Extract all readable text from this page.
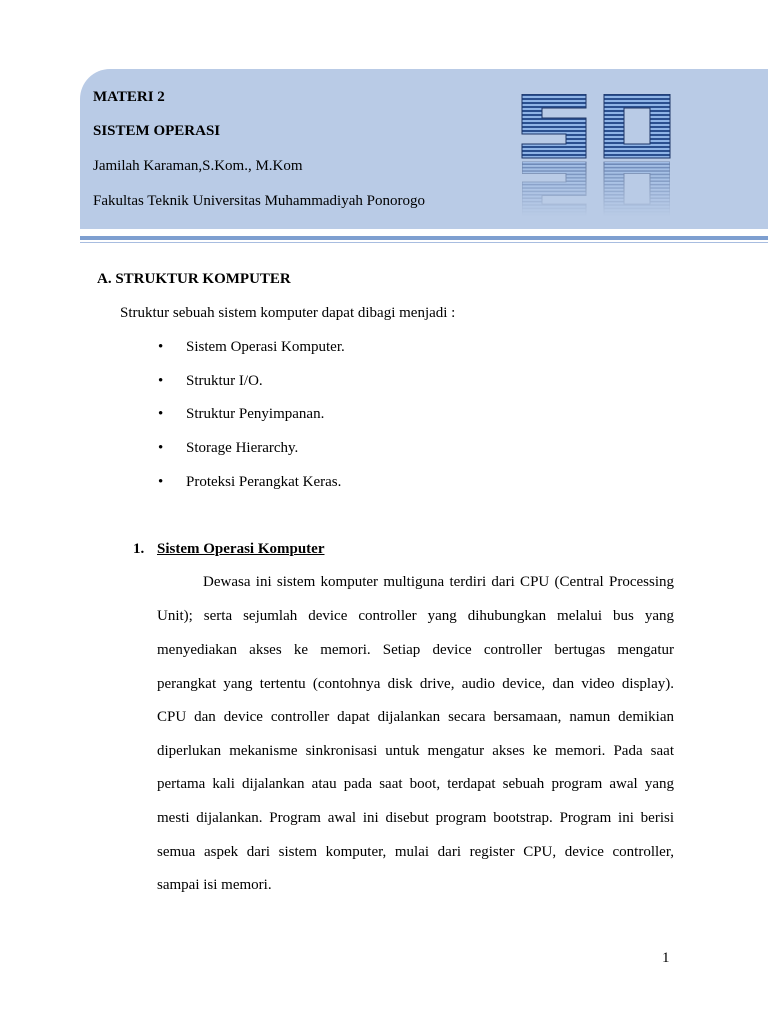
MATERI 2
SISTEM OPERASI
Jamilah Karaman,S.Kom., M.Kom
Fakultas Teknik Universitas Muhammadiyah Ponorogo
A. STRUKTUR KOMPUTER
Struktur sebuah sistem komputer dapat dibagi menjadi :
• Sistem Operasi Komputer.
• Struktur I/O.
• Struktur Penyimpanan.
• Storage Hierarchy.
• Proteksi Perangkat Keras.
1. Sistem Operasi Komputer
Dewasa ini sistem komputer multiguna terdiri dari CPU (Central Processing
Unit); serta sejumlah device controller yang dihubungkan melalui bus yang
menyediakan akses ke memori. Setiap device controller bertugas mengatur
perangkat yang tertentu (contohnya disk drive, audio device, dan video display).
CPU dan device controller dapat dijalankan secara bersamaan, namun demikian
diperlukan mekanisme sinkronisasi untuk mengatur akses ke memori. Pada saat
pertama kali dijalankan atau pada saat boot, terdapat sebuah program awal yang
mesti dijalankan. Program awal ini disebut program bootstrap. Program ini berisi
semua aspek dari sistem komputer, mulai dari register CPU, device controller,
sampai isi memori.
1
